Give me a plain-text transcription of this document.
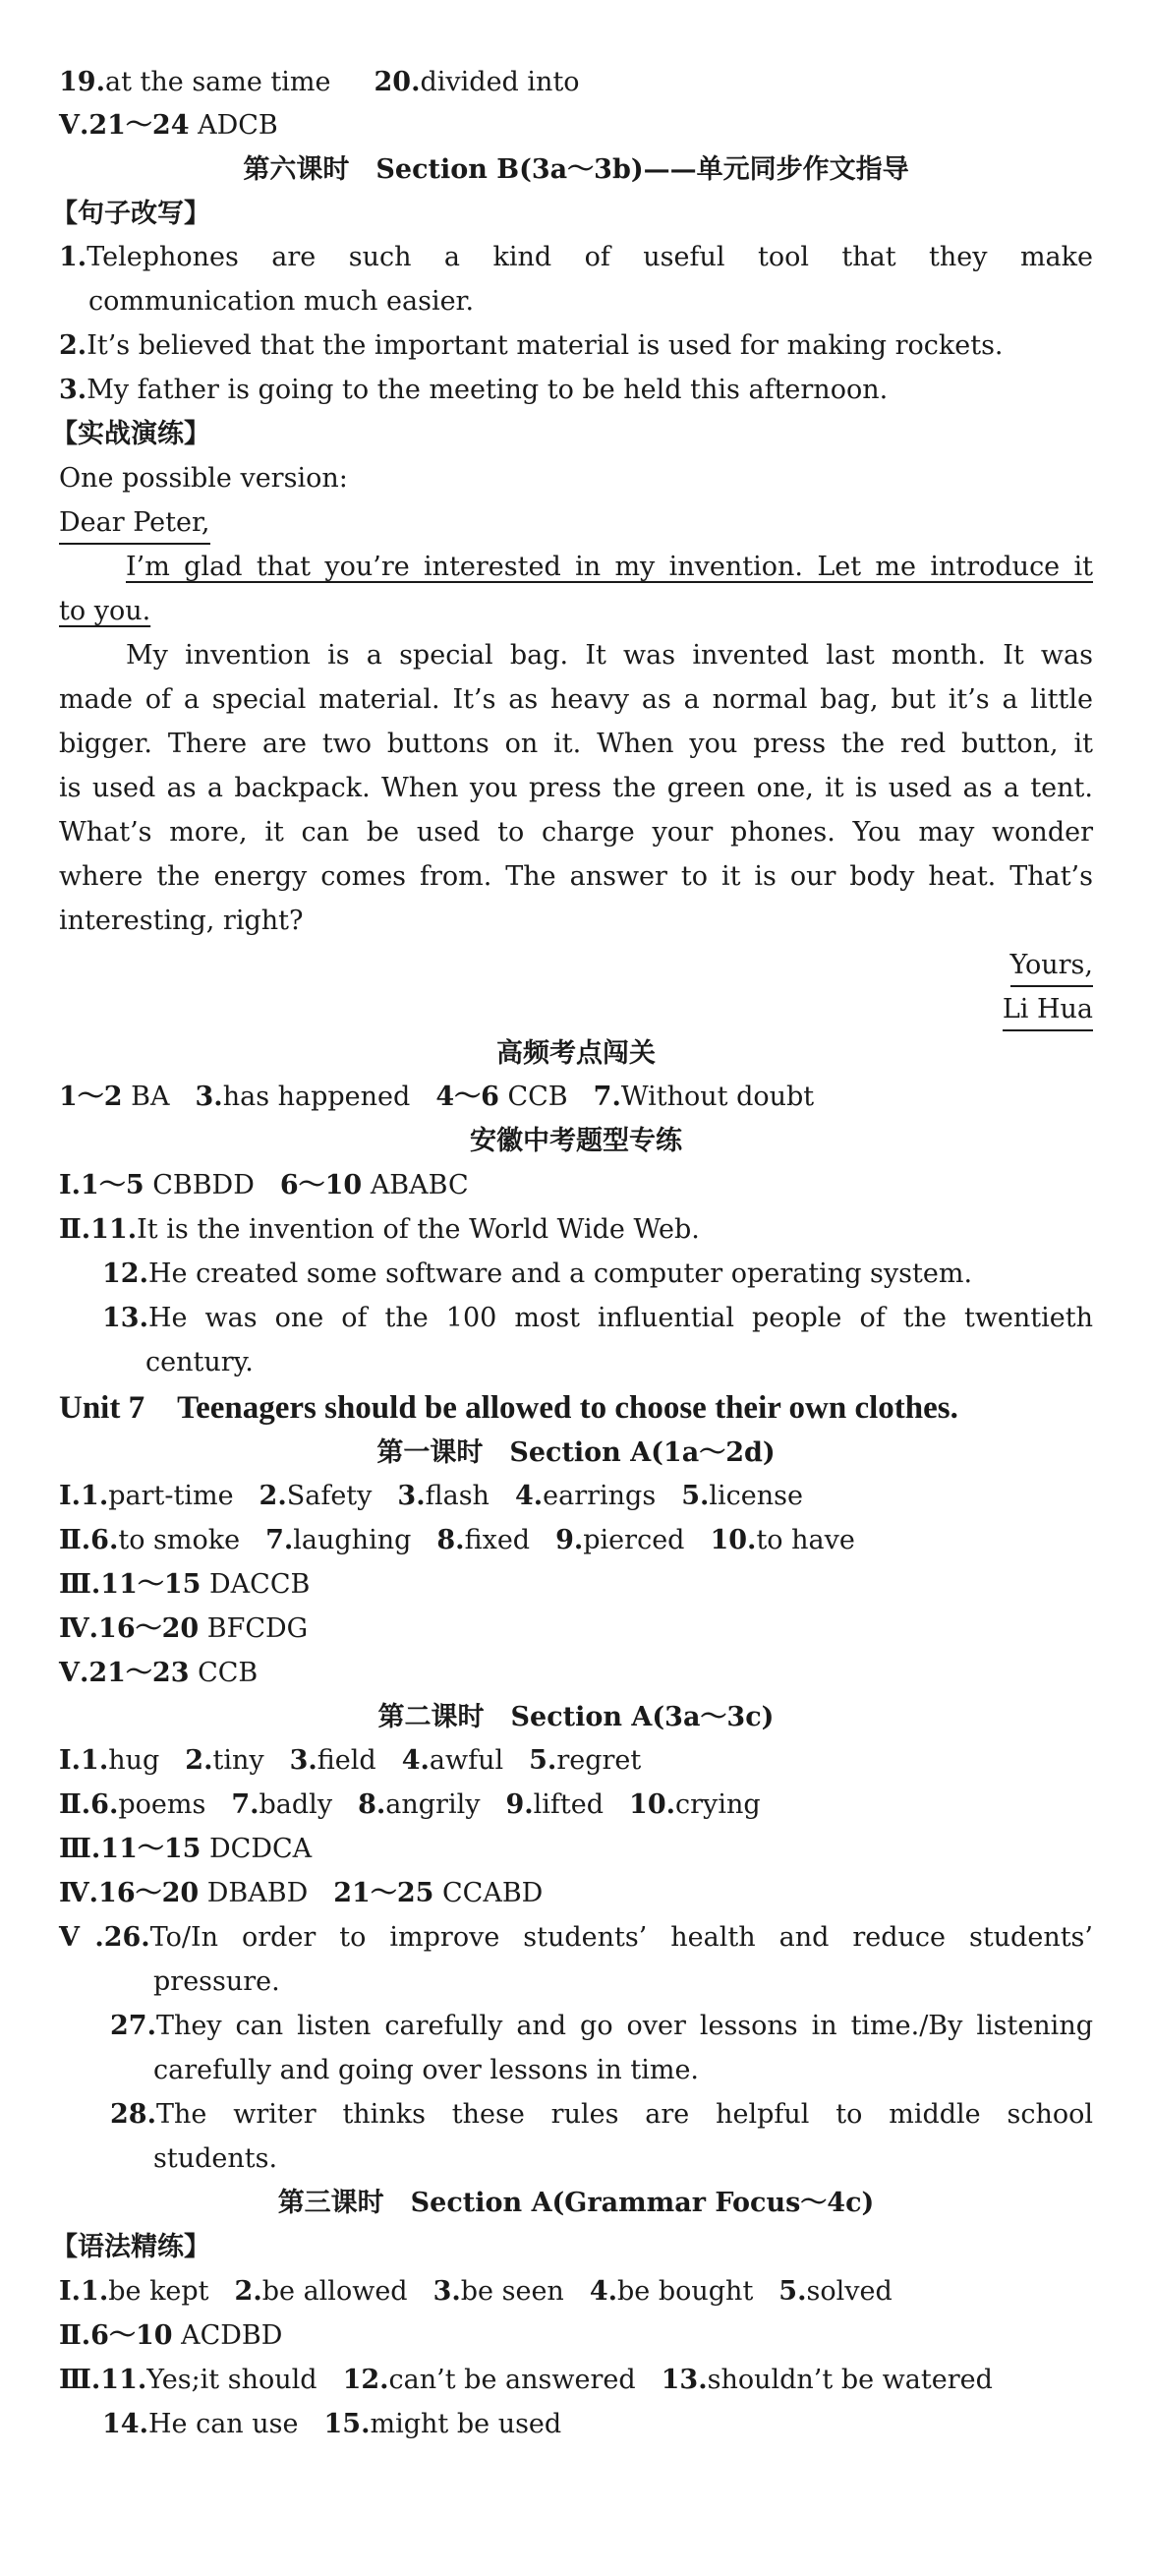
19.at the same time 20.divided into
Ⅴ.21～24 ADCB
第六课时　Section B(3a～3b)——单元同步作文指导
【句子改写】
1.Telephones are such a kind of useful tool that they make
communication much easier.
2.It’s believed that the important material is used for making rockets.
3.My father is going to the meeting to be held this afternoon.
【实战演练】
One possible version:
Dear Peter,
I’m glad that you’re interested in my invention. Let me introduce it
to you.
My invention is a special bag. It was invented last month. It was
made of a special material. It’s as heavy as a normal bag, but it’s a little
bigger. There are two buttons on it. When you press the red button, it
is used as a backpack. When you press the green one, it is used as a tent.
What’s more, it can be used to charge your phones. You may wonder
where the energy comes from. The answer to it is our body heat. That’s
interesting, right?
Yours,
Li Hua
高频考点闯关
1～2 BA 3.has happened 4～6 CCB 7.Without doubt
安徽中考题型专练
Ⅰ.1～5 CBBDD 6～10 ABABC
Ⅱ.11.It is the invention of the World Wide Web.
12.He created some software and a computer operating system.
13.He was one of the 100 most influential people of the twentieth
century.
Unit 7　Teenagers should be allowed to choose their own clothes.
第一课时　Section A(1a～2d)
Ⅰ.1.part-time 2.Safety 3.flash 4.earrings 5.license
Ⅱ.6.to smoke 7.laughing 8.fixed 9.pierced 10.to have
Ⅲ.11～15 DACCB
Ⅳ.16～20 BFCDG
Ⅴ.21～23 CCB
第二课时　Section A(3a～3c)
Ⅰ.1.hug 2.tiny 3.field 4.awful 5.regret
Ⅱ.6.poems 7.badly 8.angrily 9.lifted 10.crying
Ⅲ.11～15 DCDCA
Ⅳ.16～20 DBABD 21～25 CCABD
Ⅴ.26.To/In order to improve students’ health and reduce students’
pressure.
27.They can listen carefully and go over lessons in time./By listening
carefully and going over lessons in time.
28.The writer thinks these rules are helpful to middle school
students.
第三课时　Section A(Grammar Focus～4c)
【语法精练】
Ⅰ.1.be kept 2.be allowed 3.be seen 4.be bought 5.solved
Ⅱ.6～10 ACDBD
Ⅲ.11.Yes;it should 12.can’t be answered 13.shouldn’t be watered
14.He can use 15.might be used
